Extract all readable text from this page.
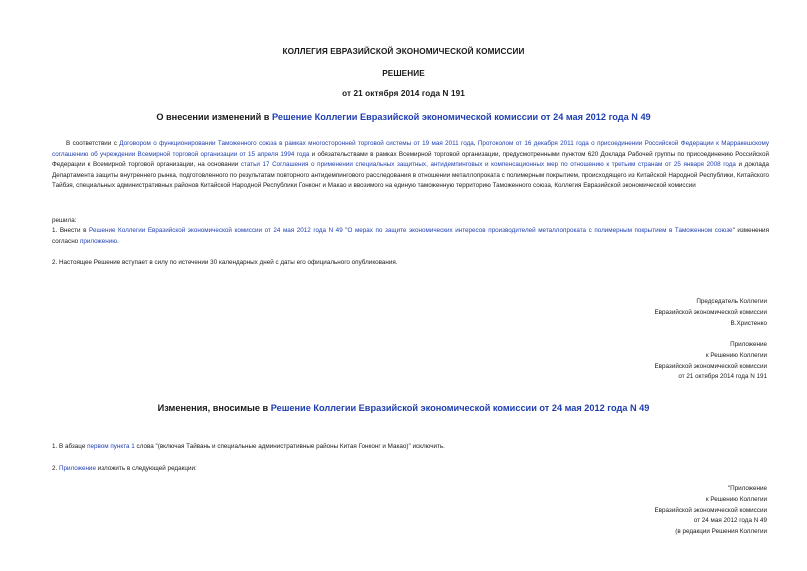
КОЛЛЕГИЯ ЕВРАЗИЙСКОЙ ЭКОНОМИЧЕСКОЙ КОМИССИИ
РЕШЕНИЕ
от 21 октября 2014 года N 191
О внесении изменений в Решение Коллегии Евразийской экономической комиссии от 24 мая 2012 года N 49
В соответствии с Договором о функционировании Таможенного союза в рамках многосторонней торговой системы от 19 мая 2011 года, Протоколом от 16 декабря 2011 года о присоединении Российской Федерации к Марракешскому соглашению об учреждении Всемирной торговой организации от 15 апреля 1994 года и обязательствами в рамках Всемирной торговой организации, предусмотренными пунктом 620 Доклада Рабочей группы по присоединению Российской Федерации к Всемирной торговой организации, на основании статьи 17 Соглашения о применении специальных защитных, антидемпинговых и компенсационных мер по отношению к третьим странам от 25 января 2008 года и доклада Департамента защиты внутреннего рынка, подготовленного по результатам повторного антидемпингового расследования в отношении металлопроката с полимерным покрытием, происходящего из Китайской Народной Республики, Китайского Тайбэя, специальных административных районов Китайской Народной Республики Гонконг и Макао и ввозимого на единую таможенную территорию Таможенного союза, Коллегия Евразийской экономической комиссии
решила:
1. Внести в Решение Коллегии Евразийской экономической комиссии от 24 мая 2012 года N 49 "О мерах по защите экономических интересов производителей металлопроката с полимерным покрытием в Таможенном союзе" изменения согласно приложению.
2. Настоящее Решение вступает в силу по истечении 30 календарных дней с даты его официального опубликования.
Председатель Коллегии
Евразийской экономической комиссии
В.Христенко
Приложение
к Решению Коллегии
Евразийской экономической комиссии
от 21 октября 2014 года N 191
Изменения, вносимые в Решение Коллегии Евразийской экономической комиссии от 24 мая 2012 года N 49
1. В абзаце первом пункта 1 слова "(включая Тайвань и специальные административные районы Китая Гонконг и Макао)" исключить.
2. Приложение изложить в следующей редакции:
"Приложение
к Решению Коллегии
Евразийской экономической комиссии
от 24 мая 2012 года N 49
(в редакции Решения Коллегии
